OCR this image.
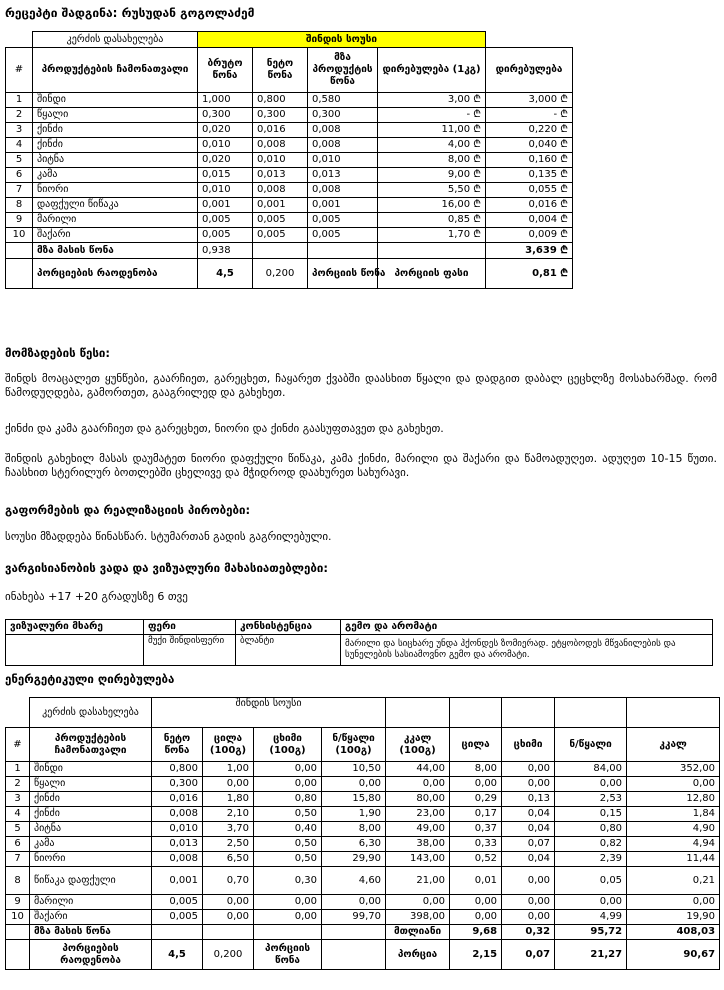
რეცეპტი შადგინა: რუსუდან გოგოლაძემ
	კერძის დასახელება	შინდის სოუსი				
#	პროდუქტების ჩამონათვალი	ბრუტო წონა	ნეტო წონა	მზა პროდუქტის წონა	დირებულება (1კგ)	დირებულება
1	შინდი	1,000	0,800	0,580	3,00 ₾	3,000 ₾
2	წყალი	0,300	0,300	0,300	- ₾	- ₾
3	ქინძი	0,020	0,016	0,008	11,00 ₾	0,220 ₾
4	ქინძი	0,010	0,008	0,008	4,00 ₾	0,040 ₾
5	პიტნა	0,020	0,010	0,010	8,00 ₾	0,160 ₾
6	კამა	0,015	0,013	0,013	9,00 ₾	0,135 ₾
7	ნიორი	0,010	0,008	0,008	5,50 ₾	0,055 ₾
8	დაფქული წიწაკა	0,001	0,001	0,001	16,00 ₾	0,016 ₾
9	მარილი	0,005	0,005	0,005	0,85 ₾	0,004 ₾
10	შაქარი	0,005	0,005	0,005	1,70 ₾	0,009 ₾
	მზა მასის წონა	0,938				3,639 ₾
	პორციების რაოდენობა	4,5	0,200	პორციის წონა	პორციის ფასი	0,81 ₾
მომზადების წესი:
შინდს მოაცალეთ ყუნწები, გაარჩიეთ, გარეცხეთ, ჩაყარეთ ქვაბში დაასხით წყალი და დადგით დაბალ ცეცხლზე მოსახარშად. რომ წამოდუღდება, გამორთეთ, გააგრილედ და გახეხეთ.
ქინძი და კამა გაარჩიეთ და გარეცხეთ, ნიორი და ქინძი გაასუფთავეთ და გახეხეთ.
შინდის გახეხილ მასას დაუმატეთ ნიორი დაფქული წიწაკა, კამა ქინძი, მარილი და შაქარი და წამოადუღეთ. ადუღეთ 10-15 წუთი. ჩაასხით სტერილურ ბოთლებში ცხელივე და მჭიდროდ დაახურეთ სახურავი.
გაფორმების და რეალიზაციის პირობები:
სოუსი მზადდება წინასწარ. სტუმართან გადის გაგრილებული.
ვარგისიანობის ვადა და ვიზუალური მახასიათებლები:
ინახება +17 +20 გრადუსზე 6 თვე
ვიზუალური მხარე	ფერი	კონსისტენცია	გემო და არომატი
	მუქი შინდისფერი	ბლანტი	მარილი და სიცხარე უნდა ჰქონდეს ზომიერად. ეტყობოდეს მწვანილების და სუნელების სასიამოვნო გემო და არომატი.
ენერგეტიკული ღირებულება
	კერძის დასახელება	შინდის სოუსი								
#	პროდუქტების ჩამონათვალი	ნეტო წონა	ცილა (100გ)	ცხიმი (100გ)	ნ/წყალი (100გ)	კკალ (100გ)	ცილა	ცხიმი	ნ/წყალი	კკალ
1	შინდი	0,800	1,00	0,00	10,50	44,00	8,00	0,00	84,00	352,00
2	წყალი	0,300	0,00	0,00	0,00	0,00	0,00	0,00	0,00	0,00
3	ქინძი	0,016	1,80	0,80	15,80	80,00	0,29	0,13	2,53	12,80
4	ქინძი	0,008	2,10	0,50	1,90	23,00	0,17	0,04	0,15	1,84
5	პიტნა	0,010	3,70	0,40	8,00	49,00	0,37	0,04	0,80	4,90
6	კამა	0,013	2,50	0,50	6,30	38,00	0,33	0,07	0,82	4,94
7	ნიორი	0,008	6,50	0,50	29,90	143,00	0,52	0,04	2,39	11,44
8	წიწაკა დაფქული	0,001	0,70	0,30	4,60	21,00	0,01	0,00	0,05	0,21
9	მარილი	0,005	0,00	0,00	0,00	0,00	0,00	0,00	0,00	0,00
10	შაქარი	0,005	0,00	0,00	99,70	398,00	0,00	0,00	4,99	19,90
	მზა მასის წონა					მთლიანი	9,68	0,32	95,72	408,03
	პორციების რაოდენობა	4,5	0,200	პორციის წონა		პორცია	2,15	0,07	21,27	90,67
